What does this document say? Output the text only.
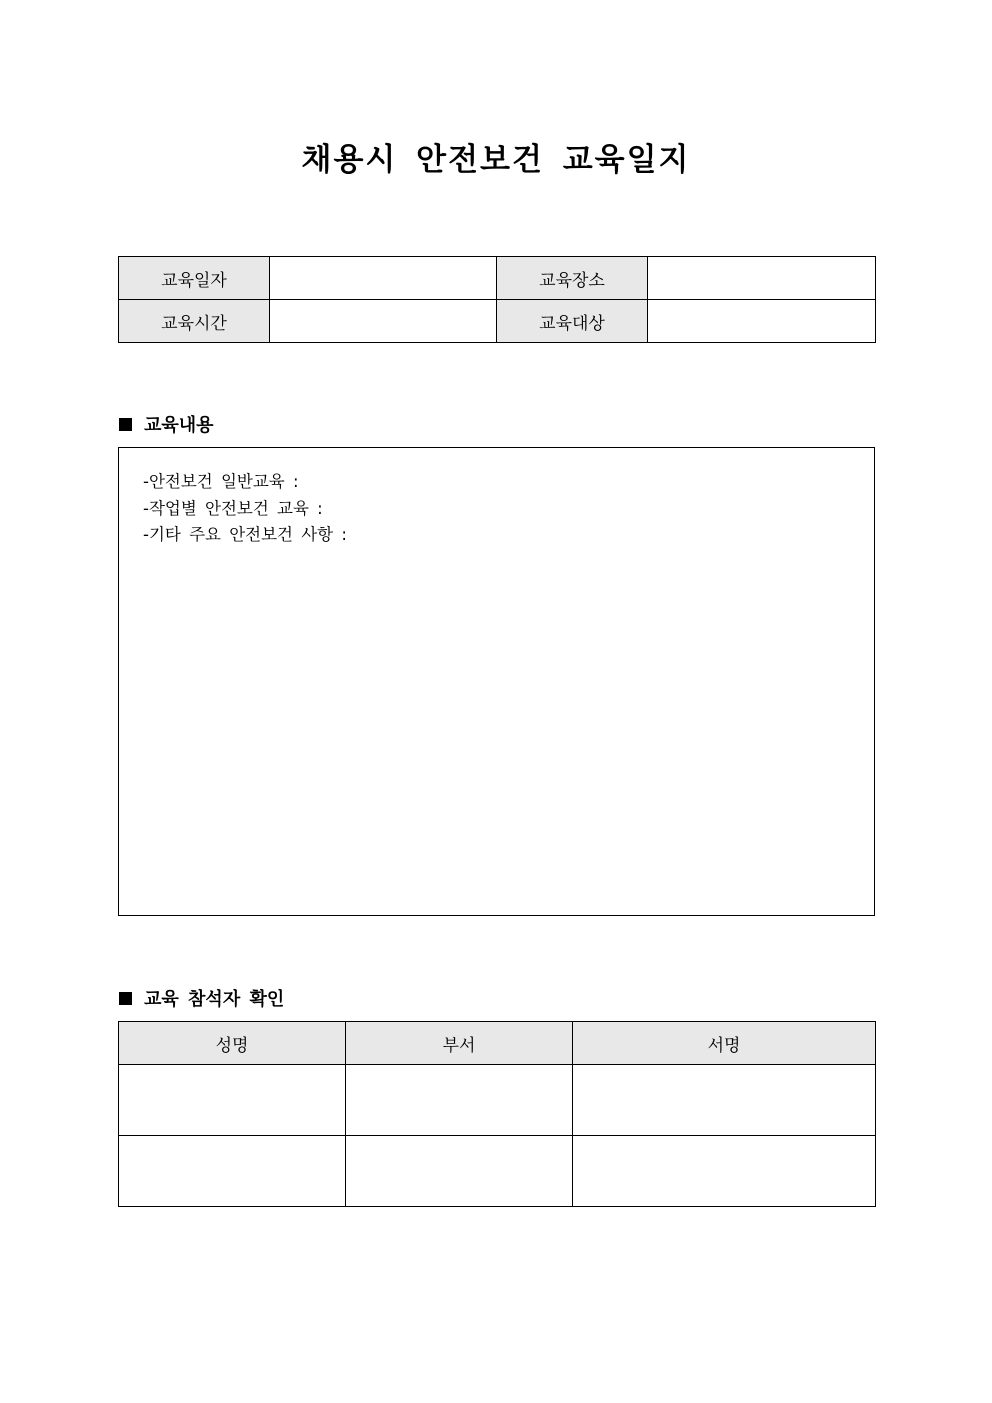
채용시 안전보건 교육일지
교육일자		교육장소	
교육시간		교육대상	
교육내용
-안전보건 일반교육 :
-작업별 안전보건 교육 :
-기타 주요 안전보건 사항 :
교육 참석자 확인
성명	부서	서명
